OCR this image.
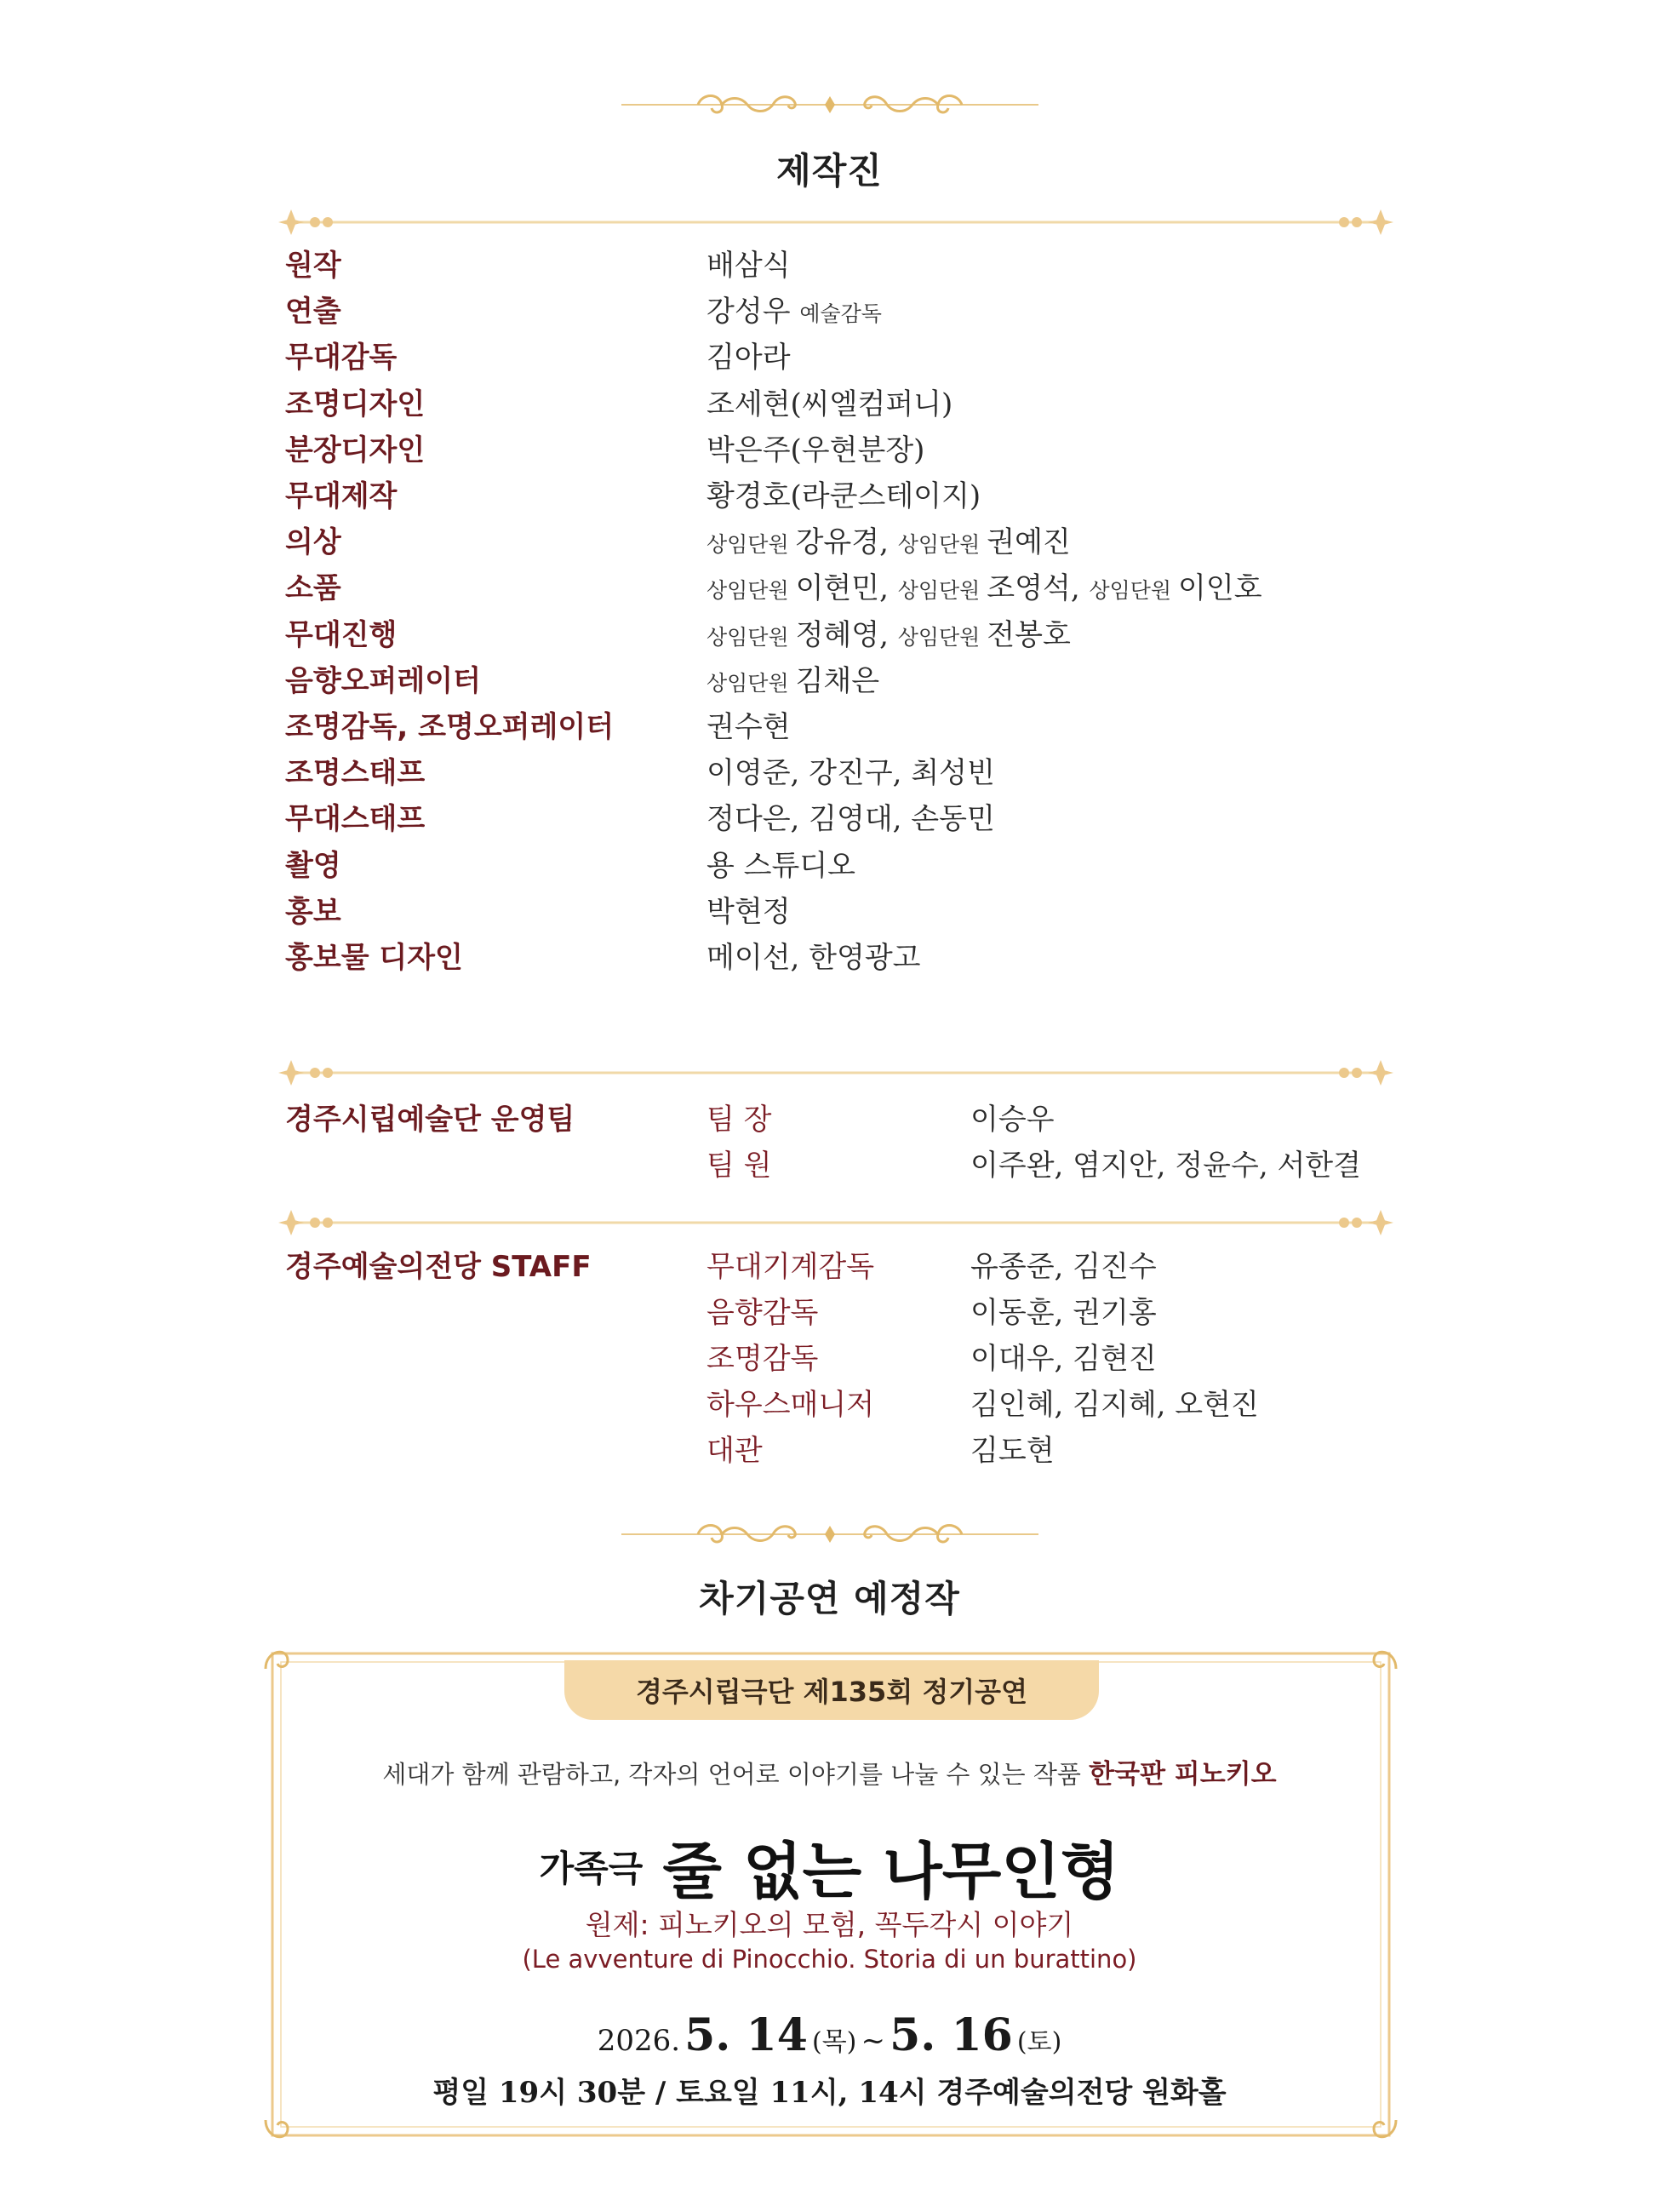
제작진
원작	배삼식
연출	강성우 예술감독
무대감독	김아라
조명디자인	조세현(씨엘컴퍼니)
분장디자인	박은주(우현분장)
무대제작	황경호(라쿤스테이지)
의상	상임단원 강유경, 상임단원 권예진
소품	상임단원 이현민, 상임단원 조영석, 상임단원 이인호
무대진행	상임단원 정혜영, 상임단원 전봉호
음향오퍼레이터	상임단원 김채은
조명감독, 조명오퍼레이터	권수현
조명스태프	이영준, 강진구, 최성빈
무대스태프	정다은, 김영대, 손동민
촬영	용 스튜디오
홍보	박현정
홍보물 디자인	메이선, 한영광고
경주시립예술단 운영팀	팀 장	이승우
팀 원	이주완, 염지안, 정윤수, 서한결
경주예술의전당 STAFF	무대기계감독	유종준, 김진수
음향감독	이동훈, 권기홍
조명감독	이대우, 김현진
하우스매니저	김인혜, 김지혜, 오현진
대관	김도현
차기공연 예정작
경주시립극단 제135회 정기공연
세대가 함께 관람하고, 각자의 언어로 이야기를 나눌 수 있는 작품 한국판 피노키오
가족극 줄 없는 나무인형
원제: 피노키오의 모험, 꼭두각시 이야기
(Le avventure di Pinocchio. Storia di un burattino)
2026. 5. 14 (목) ~ 5. 16 (토)
평일 19시 30분 / 토요일 11시, 14시 경주예술의전당 원화홀
